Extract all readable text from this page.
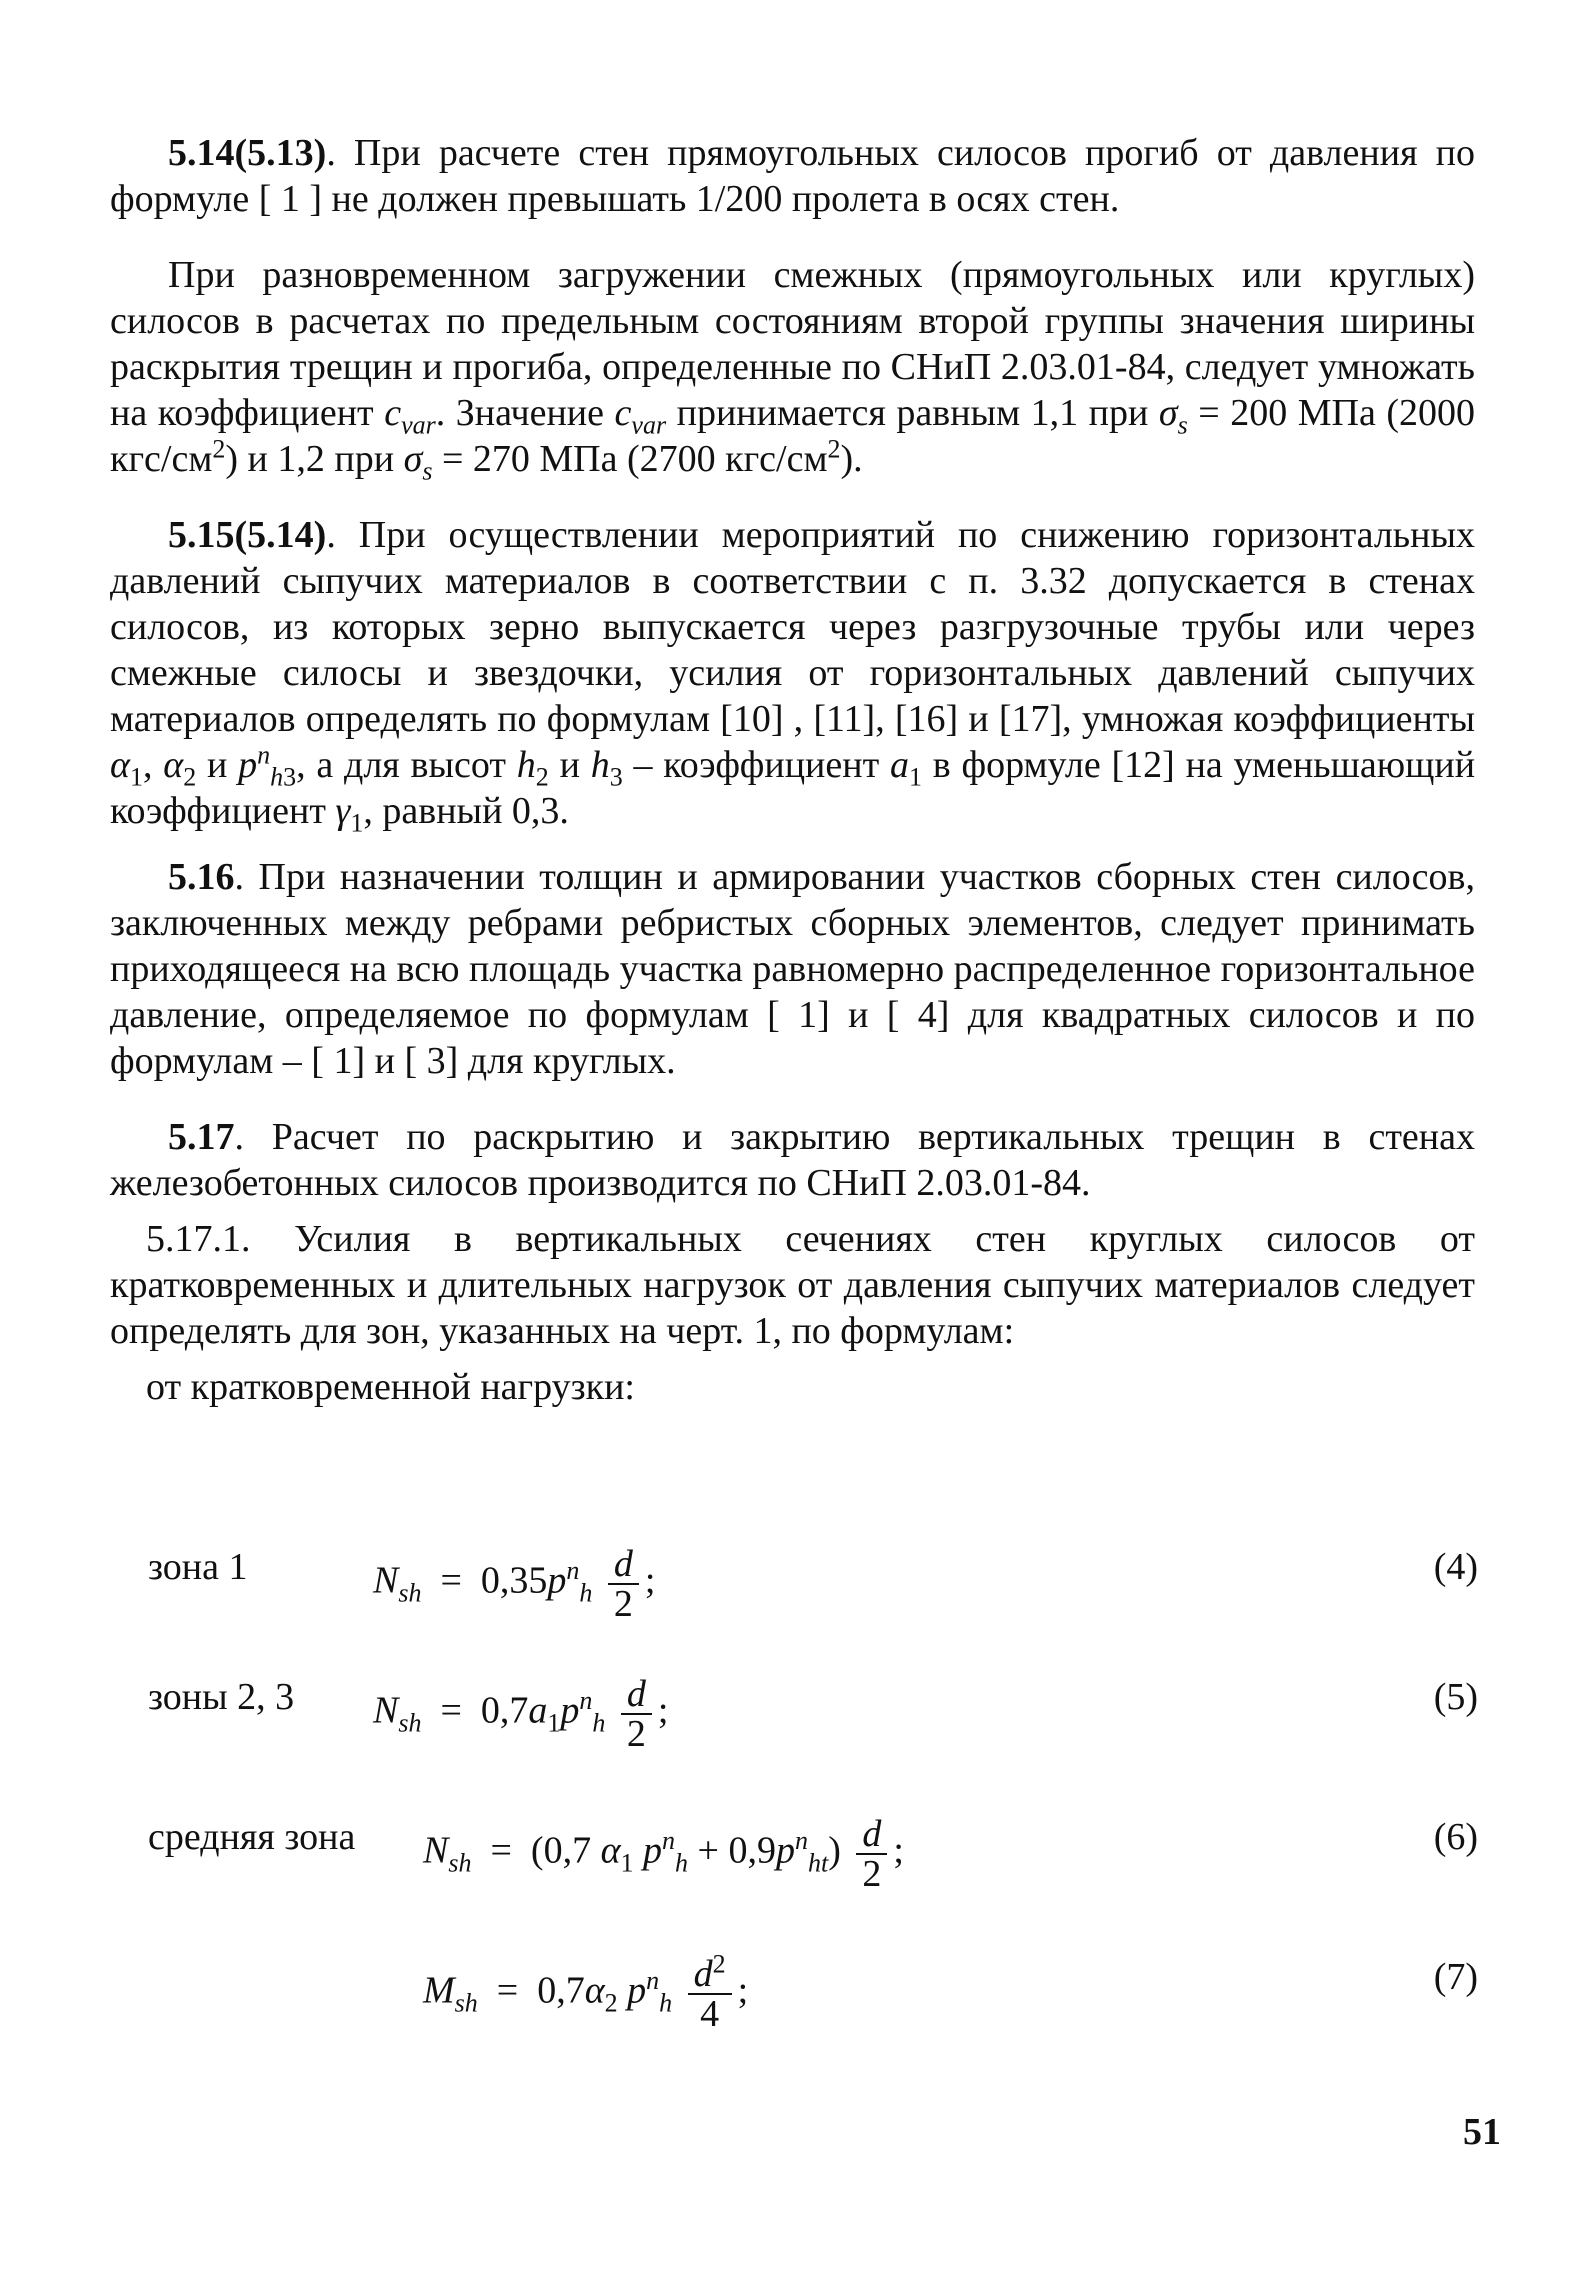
5.14(5.13). При расчете стен прямоугольных силосов прогиб от давления по формуле [ 1 ] не должен превышать 1/200 пролета в осях стен.

При разновременном загружении смежных (прямоугольных или круглых) силосов в расчетах по предельным состояниям второй группы значения ширины раскрытия трещин и прогиба, определенные по СНиП 2.03.01-84, следует умножать на коэффициент $c_{var}$. Значение $c_{var}$ принимается равным 1,1 при $\sigma_s = 200$ МПа (2000 кгс/$см^2$) и 1,2 при $\sigma_s = 270$ МПа (2700 кгс/$см^2$).

5.15(5.14). При осуществлении мероприятий по снижению горизонтальных давлений сыпучих материалов в соответствии с п. 3.32 допускается в стенах силосов, из которых зерно выпускается через разгрузочные трубы или через смежные силосы и звездочки, усилия от горизонтальных давлений сыпучих материалов определять по формулам [10] , [11], [16] и [17], умножая коэффициенты $\alpha_1$, $\alpha_2$ и $p^n_{h3}$, а для высот $h_2$ и $h_3$ – коэффициент $a_1$ в формуле [12] на уменьшающий коэффициент $\gamma_1$, равный 0,3.

5.16. При назначении толщин и армировании участков сборных стен силосов, заключенных между ребрами ребристых сборных элементов, следует принимать приходящееся на всю площадь участка равномерно распределенное горизонтальное давление, определяемое по формулам [ 1] и [ 4] для квадратных силосов и по формулам – [ 1] и [ 3] для круглых.

5.17. Расчет по раскрытию и закрытию вертикальных трещин в стенах железобетонных силосов производится по СНиП 2.03.01-84.

5.17.1. Усилия в вертикальных сечениях стен круглых силосов от кратковременных и длительных нагрузок от давления сыпучих материалов следует определять для зон, указанных на черт. 1, по формулам:

от кратковременной нагрузки:

зона 1	$N_{sh} = 0,35p^n_h \frac{d}{2}$ ;	(4)
зоны 2, 3 $N_{sh} = 0,7a_1p^n_h \frac{d}{2}$ ;	(5)
средняя зона $N_{sh} = (0,7$ $\alpha_1$ $p^n_h + 0,9p^n_{ht}) \frac{d}{2}$ ;	(6)
$M_{sh} = 0,7\alpha_2$ $p^n_h \frac{d^2}{4}$ ;	(7)
51
